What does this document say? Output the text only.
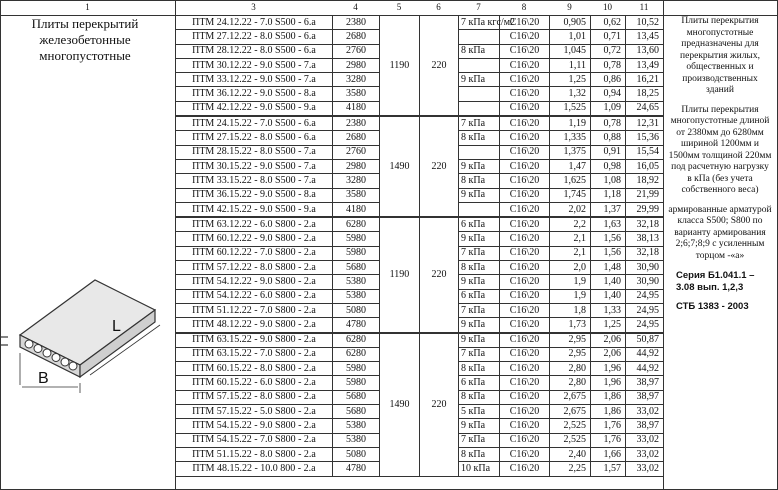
1	3	4	5	6	7	8	9	10	11
Плиты перекрытий железобетонные многопустотные
B
L
ПТМ 24.12.22 - 7.0 S500 - 6.a	2380	1190	220	7 кПа кгс/м2	С16\20	0,905	0,62	10,52
ПТМ 27.12.22 - 8.0 S500 - 6.a	2680				С16\20	1,01	0,71	13,45
ПТМ 28.12.22 - 8.0 S500 - 6.a	2760			8 кПа	С16\20	1,045	0,72	13,60
ПТМ 30.12.22 - 9.0 S500 - 7.a	2980				С16\20	1,11	0,78	13,49
ПТМ 33.12.22 - 9.0 S500 - 7.a	3280			9 кПа	С16\20	1,25	0,86	16,21
ПТМ 36.12.22 - 9.0 S500 - 8.a	3580				С16\20	1,32	0,94	18,25
ПТМ 42.12.22 - 9.0 S500 - 9.a	4180				С16\20	1,525	1,09	24,65
ПТМ 24.15.22 - 7.0 S500 - 6.a	2380	1490	220	7 кПа	С16\20	1,19	0,78	12,31
ПТМ 27.15.22 - 8.0 S500 - 6.a	2680			8 кПа	С16\20	1,335	0,88	15,36
ПТМ 28.15.22 - 8.0 S500 - 7.a	2760				С16\20	1,375	0,91	15,54
ПТМ 30.15.22 - 9.0 S500 - 7.a	2980			9 кПа	С16\20	1,47	0,98	16,05
ПТМ 33.15.22 - 8.0 S500 - 7.a	3280			8 кПа	С16\20	1,625	1,08	18,92
ПТМ 36.15.22 - 9.0 S500 - 8.a	3580			9 кПа	С16\20	1,745	1,18	21,99
ПТМ 42.15.22 - 9.0 S500 - 9.a	4180				С16\20	2,02	1,37	29,99
ПТМ 63.12.22 - 6.0 S800 - 2.a	6280	1190	220	6 кПа	С16\20	2,2	1,63	32,18
ПТМ 60.12.22 - 9.0 S800 - 2.a	5980			9 кПа	С16\20	2,1	1,56	38,13
ПТМ 60.12.22 - 7.0 S800 - 2.a	5980			7 кПа	С16\20	2,1	1,56	32,18
ПТМ 57.12.22 - 8.0 S800 - 2.a	5680			8 кПа	С16\20	2,0	1,48	30,90
ПТМ 54.12.22 - 9.0 S800 - 2.a	5380			9 кПа	С16\20	1,9	1,40	30,90
ПТМ 54.12.22 - 6.0 S800 - 2.a	5380			6 кПа	С16\20	1,9	1,40	24,95
ПТМ 51.12.22 - 7.0 S800 - 2.a	5080			7 кПа	С16\20	1,8	1,33	24,95
ПТМ 48.12.22 - 9.0 S800 - 2.a	4780			9 кПа	С16\20	1,73	1,25	24,95
ПТМ 63.15.22 - 9.0 S800 - 2.a	6280	1490	220	9 кПа	С16\20	2,95	2,06	50,87
ПТМ 63.15.22 - 7.0 S800 - 2.a	6280			7 кПа	С16\20	2,95	2,06	44,92
ПТМ 60.15.22 - 8.0 S800 - 2.a	5980			8 кПа	С16\20	2,80	1,96	44,92
ПТМ 60.15.22 - 6.0 S800 - 2.a	5980			6 кПа	С16\20	2,80	1,96	38,97
ПТМ 57.15.22 - 8.0 S800 - 2.a	5680			8 кПа	С16\20	2,675	1,86	38,97
ПТМ 57.15.22 - 5.0 S800 - 2.a	5680			5 кПа	С16\20	2,675	1,86	33,02
ПТМ 54.15.22 - 9.0 S800 - 2.a	5380			9 кПа	С16\20	2,525	1,76	38,97
ПТМ 54.15.22 - 7.0 S800 - 2.a	5380			7 кПа	С16\20	2,525	1,76	33,02
ПТМ 51.15.22 - 8.0 S800 - 2.a	5080			8 кПа	С16\20	2,40	1,66	33,02
ПТМ 48.15.22 - 10.0 800 - 2.a	4780			10 кПа	С16\20	2,25	1,57	33,02
Плиты перекрытия многопустотные предназначены для перекрытия жилых, общественных и производственных зданий
Плиты перекрытия многопустотные длиной от 2380мм до 6280мм шириной 1200мм и 1500мм толщиной 220мм под расчетную нагрузку в кПа (без учета собственного веса)
армированные арматурой класса S500; S800 по варианту армирования 2;6;7;8;9 с усиленным торцом -«а»
Серия Б1.041.1 –3.08 вып. 1,2,3
СТБ 1383 - 2003
